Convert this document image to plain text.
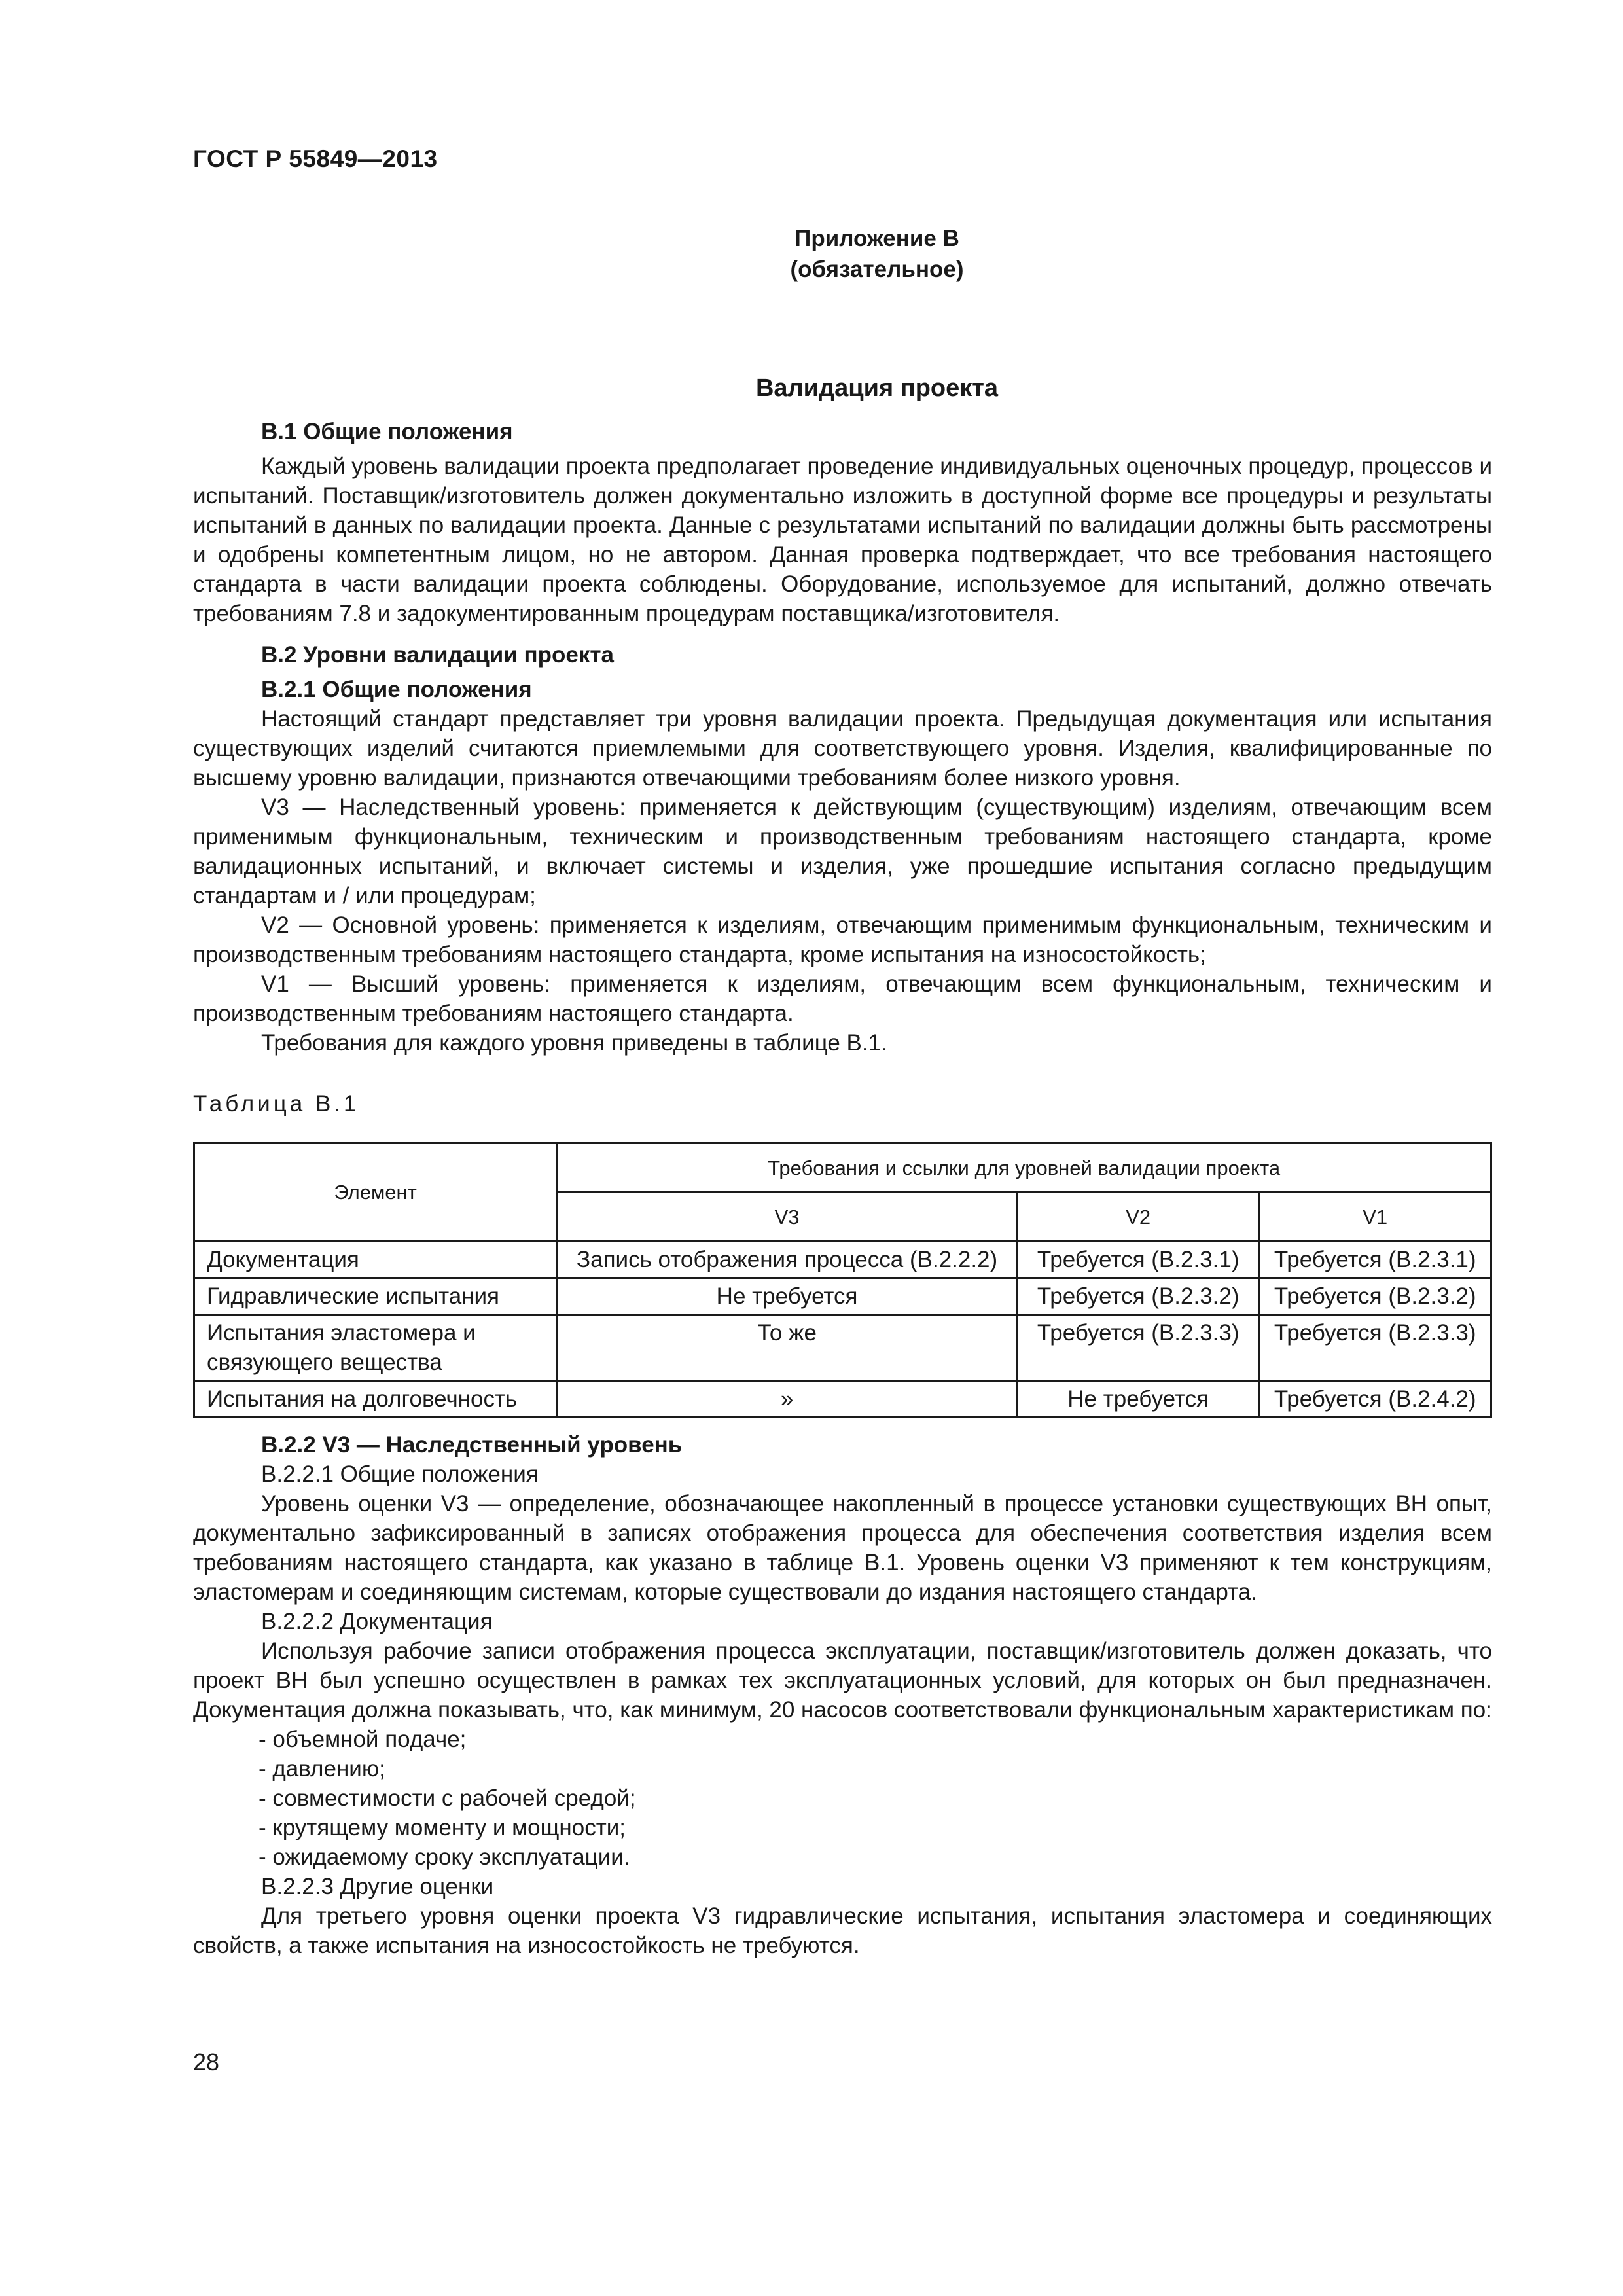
ГОСТ Р 55849—2013
Приложение В
(обязательное)
Валидация проекта
В.1 Общие положения

Каждый уровень валидации проекта предполагает проведение индивидуальных оценочных процедур, процессов и испытаний. Поставщик/изготовитель должен документально изложить в доступной форме все процедуры и результаты испытаний в данных по валидации проекта. Данные с результатами испытаний по валидации должны быть рассмотрены и одобрены компетентным лицом, но не автором. Данная проверка подтверждает, что все требования настоящего стандарта в части валидации проекта соблюдены. Оборудование, используемое для испытаний, должно отвечать требованиям 7.8 и задокументированным процедурам поставщика/изготовителя.

В.2 Уровни валидации проекта
В.2.1 Общие положения

Настоящий стандарт представляет три уровня валидации проекта. Предыдущая документация или испытания существующих изделий считаются приемлемыми для соответствующего уровня. Изделия, квалифицированные по высшему уровню валидации, признаются отвечающими требованиям более низкого уровня.

V3 — Наследственный уровень: применяется к действующим (существующим) изделиям, отвечающим всем применимым функциональным, техническим и производственным требованиям настоящего стандарта, кроме валидационных испытаний, и включает системы и изделия, уже прошедшие испытания согласно предыдущим стандартам и / или процедурам;

V2 — Основной уровень: применяется к изделиям, отвечающим применимым функциональным, техническим и производственным требованиям настоящего стандарта, кроме испытания на износостойкость;

V1 — Высший уровень: применяется к изделиям, отвечающим всем функциональным, техническим и производственным требованиям настоящего стандарта.

Требования для каждого уровня приведены в таблице В.1.

Таблица В.1
Элемент	Требования и ссылки для уровней валидации проекта		
	V3	V2	V1
Документация	Запись отображения процесса (В.2.2.2)	Требуется (В.2.3.1)	Требуется (В.2.3.1)
Гидравлические испытания	Не требуется	Требуется (В.2.3.2)	Требуется (В.2.3.2)
Испытания эластомера и связующего вещества	То же	Требуется (В.2.3.3)	Требуется (В.2.3.3)
Испытания на долговечность	»	Не требуется	Требуется (В.2.4.2)
В.2.2 V3 — Наследственный уровень
В.2.2.1 Общие положения

Уровень оценки V3 — определение, обозначающее накопленный в процессе установки существующих ВН опыт, документально зафиксированный в записях отображения процесса для обеспечения соответствия изделия всем требованиям настоящего стандарта, как указано в таблице В.1. Уровень оценки V3 применяют к тем конструкциям, эластомерам и соединяющим системам, которые существовали до издания настоящего стандарта.

В.2.2.2 Документация

Используя рабочие записи отображения процесса эксплуатации, поставщик/изготовитель должен доказать, что проект ВН был успешно осуществлен в рамках тех эксплуатационных условий, для которых он был предназначен. Документация должна показывать, что, как минимум, 20 насосов соответствовали функциональным характеристикам по:

- объемной подаче;
- давлению;
- совместимости с рабочей средой;
- крутящему моменту и мощности;
- ожидаемому сроку эксплуатации.
В.2.2.3 Другие оценки

Для третьего уровня оценки проекта V3 гидравлические испытания, испытания эластомера и соединяющих свойств, а также испытания на износостойкость не требуются.

28
